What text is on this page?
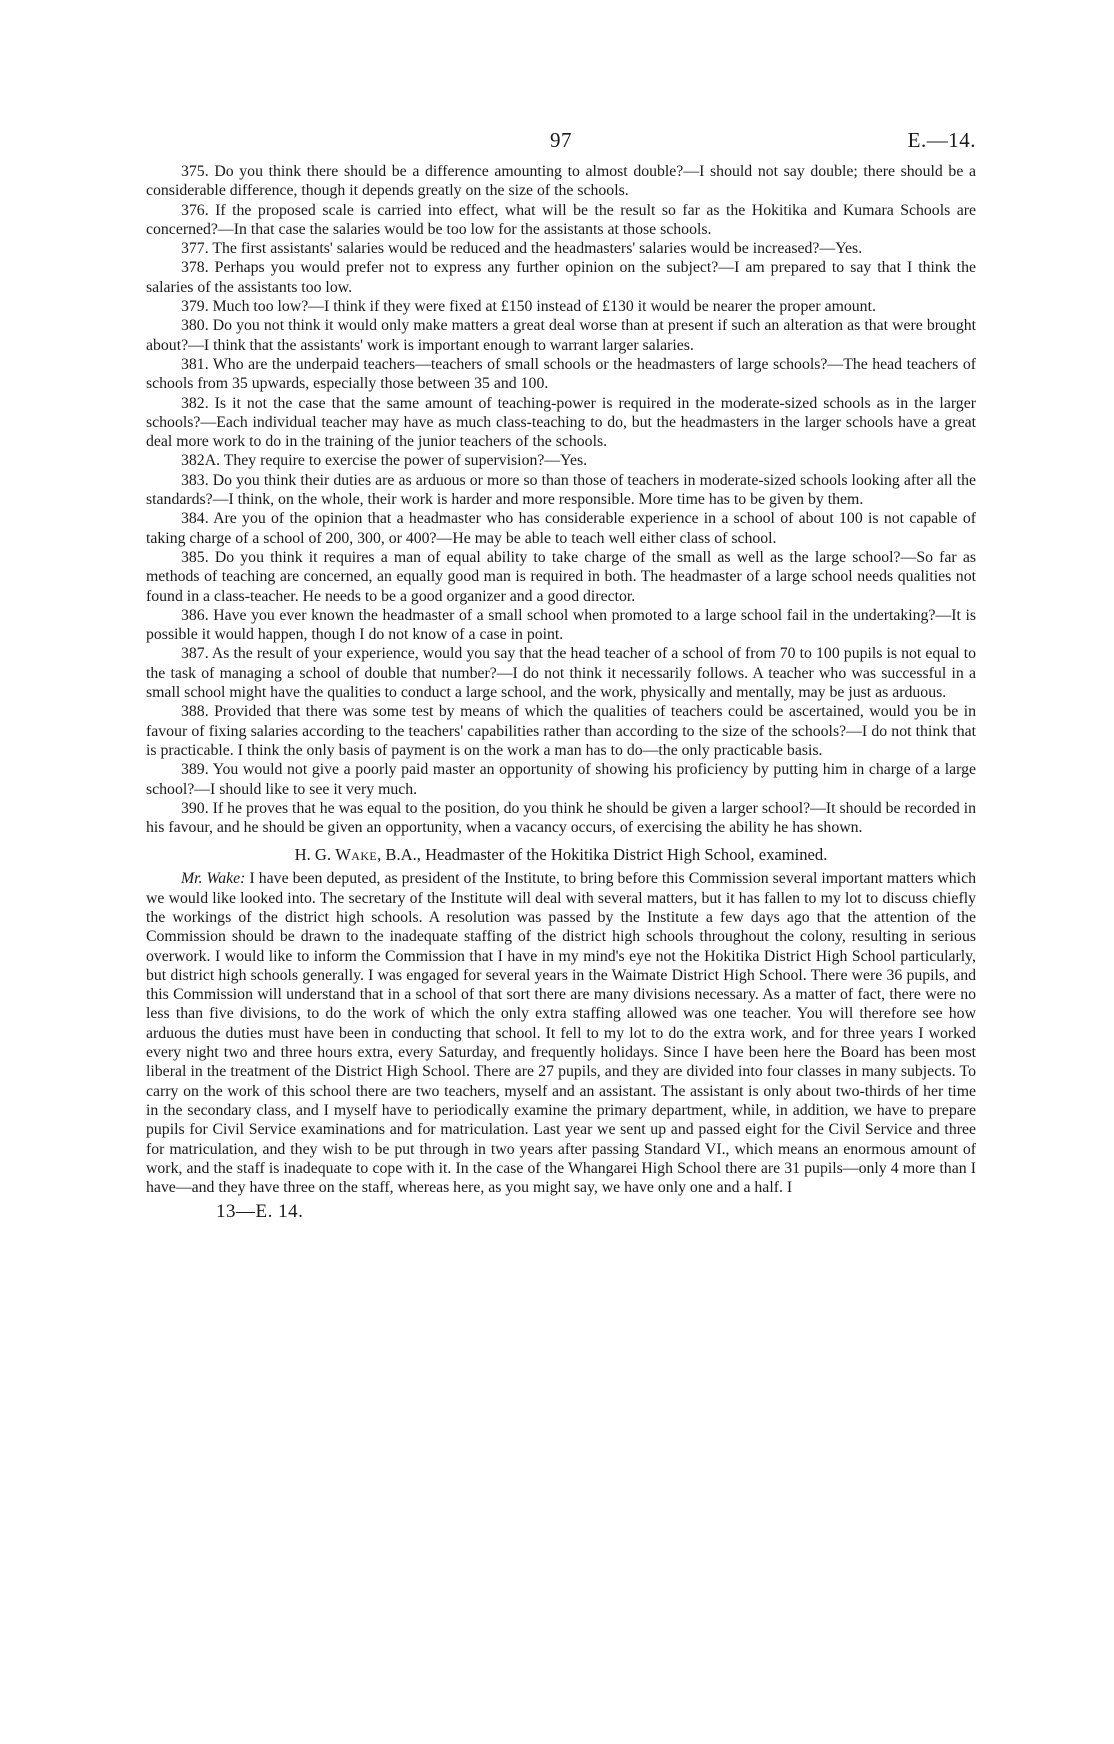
97	E.—14.

375. Do you think there should be a difference amounting to almost double?—I should not say double; there should be a considerable difference, though it depends greatly on the size of the schools.

376. If the proposed scale is carried into effect, what will be the result so far as the Hokitika and Kumara Schools are concerned?—In that case the salaries would be too low for the assistants at those schools.

377. The first assistants' salaries would be reduced and the headmasters' salaries would be increased?—Yes.

378. Perhaps you would prefer not to express any further opinion on the subject?—I am prepared to say that I think the salaries of the assistants too low.

379. Much too low?—I think if they were fixed at £150 instead of £130 it would be nearer the proper amount.

380. Do you not think it would only make matters a great deal worse than at present if such an alteration as that were brought about?—I think that the assistants' work is important enough to warrant larger salaries.

381. Who are the underpaid teachers—teachers of small schools or the headmasters of large schools?—The head teachers of schools from 35 upwards, especially those between 35 and 100.

382. Is it not the case that the same amount of teaching-power is required in the moderate-sized schools as in the larger schools?—Each individual teacher may have as much class-teaching to do, but the headmasters in the larger schools have a great deal more work to do in the training of the junior teachers of the schools.

382A. They require to exercise the power of supervision?—Yes.

383. Do you think their duties are as arduous or more so than those of teachers in moderate-sized schools looking after all the standards?—I think, on the whole, their work is harder and more responsible. More time has to be given by them.

384. Are you of the opinion that a headmaster who has considerable experience in a school of about 100 is not capable of taking charge of a school of 200, 300, or 400?—He may be able to teach well either class of school.

385. Do you think it requires a man of equal ability to take charge of the small as well as the large school?—So far as methods of teaching are concerned, an equally good man is required in both. The headmaster of a large school needs qualities not found in a class-teacher. He needs to be a good organizer and a good director.

386. Have you ever known the headmaster of a small school when promoted to a large school fail in the undertaking?—It is possible it would happen, though I do not know of a case in point.

387. As the result of your experience, would you say that the head teacher of a school of from 70 to 100 pupils is not equal to the task of managing a school of double that number?—I do not think it necessarily follows. A teacher who was successful in a small school might have the qualities to conduct a large school, and the work, physically and mentally, may be just as arduous.

388. Provided that there was some test by means of which the qualities of teachers could be ascertained, would you be in favour of fixing salaries according to the teachers' capabilities rather than according to the size of the schools?—I do not think that is practicable. I think the only basis of payment is on the work a man has to do—the only practicable basis.

389. You would not give a poorly paid master an opportunity of showing his proficiency by putting him in charge of a large school?—I should like to see it very much.

390. If he proves that he was equal to the position, do you think he should be given a larger school?—It should be recorded in his favour, and he should be given an opportunity, when a vacancy occurs, of exercising the ability he has shown.

H. G. Wake, B.A., Headmaster of the Hokitika District High School, examined.

Mr. Wake: I have been deputed, as president of the Institute, to bring before this Commission several important matters which we would like looked into. The secretary of the Institute will deal with several matters, but it has fallen to my lot to discuss chiefly the workings of the district high schools. A resolution was passed by the Institute a few days ago that the attention of the Commission should be drawn to the inadequate staffing of the district high schools throughout the colony, resulting in serious overwork. I would like to inform the Commission that I have in my mind's eye not the Hokitika District High School particularly, but district high schools generally. I was engaged for several years in the Waimate District High School. There were 36 pupils, and this Commission will understand that in a school of that sort there are many divisions necessary. As a matter of fact, there were no less than five divisions, to do the work of which the only extra staffing allowed was one teacher. You will therefore see how arduous the duties must have been in conducting that school. It fell to my lot to do the extra work, and for three years I worked every night two and three hours extra, every Saturday, and frequently holidays. Since I have been here the Board has been most liberal in the treatment of the District High School. There are 27 pupils, and they are divided into four classes in many subjects. To carry on the work of this school there are two teachers, myself and an assistant. The assistant is only about two-thirds of her time in the secondary class, and I myself have to periodically examine the primary department, while, in addition, we have to prepare pupils for Civil Service examinations and for matriculation. Last year we sent up and passed eight for the Civil Service and three for matriculation, and they wish to be put through in two years after passing Standard VI., which means an enormous amount of work, and the staff is inadequate to cope with it. In the case of the Whangarei High School there are 31 pupils—only 4 more than I have—and they have three on the staff, whereas here, as you might say, we have only one and a half. I

13—E. 14.
